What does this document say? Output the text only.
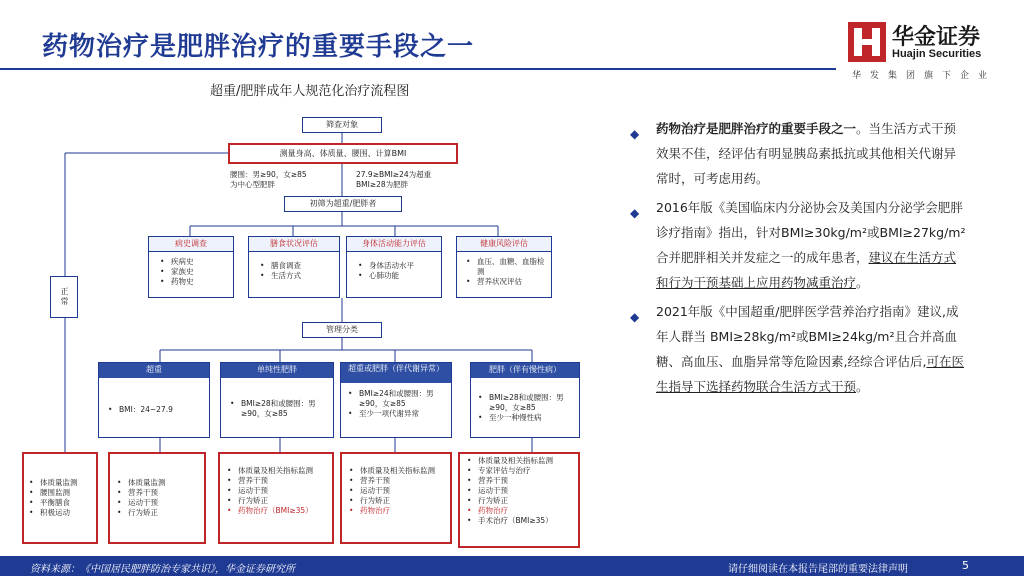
药物治疗是肥胖治疗的重要手段之一	华金证券
Huajin Securities
华发集团旗下企业
超重/肥胖成年人规范化治疗流程图
筛查对象
测量身高、体质量、腰围、计算BMI
腰围：男≥90，女≥85
为中心型肥胖
27.9≥BMI≥24为超重
BMI≥28为肥胖
初筛为超重/肥胖者
正常
病史调查
• 疾病史
• 家族史
• 药物史
膳食状况评估
• 膳食调查
• 生活方式
身体活动能力评估
• 身体活动水平
• 心肺功能
健康风险评估
• 血压、血糖、血脂检测
• 营养状况评估
管理分类
超重
• BMI：24~27.9
单纯性肥胖
• BMI≥28和或腰围：男≥90，女≥85
超重或肥胖（伴代谢异常）
• BMI≥24和或腰围：男≥90，女≥85
• 至少一项代谢异常
肥胖（伴有慢性病）
• BMI≥28和或腰围：男≥90，女≥85
• 至少一种慢性病
• 体质量监测
• 腰围监测
• 平衡膳食
• 积极运动
• 体质量监测
• 营养干预
• 运动干预
• 行为矫正
• 体质量及相关指标监测
• 营养干预
• 运动干预
• 行为矫正
• 药物治疗（BMI≥35）
• 体质量及相关指标监测
• 营养干预
• 运动干预
• 行为矫正
• 药物治疗
• 体质量及相关指标监测
• 专家评估与治疗
• 营养干预
• 运动干预
• 行为矫正
• 药物治疗
• 手术治疗（BMI≥35）
◆ 药物治疗是肥胖治疗的重要手段之一。当生活方式干预效果不佳，经评估有明显胰岛素抵抗或其他相关代谢异常时，可考虑用药。
◆ 2016年版《美国临床内分泌协会及美国内分泌学会肥胖诊疗指南》指出，针对BMI≥30kg/m²或BMI≥27kg/m²合并肥胖相关并发症之一的成年患者，建议在生活方式和行为干预基础上应用药物减重治疗。
◆ 2021年版《中国超重/肥胖医学营养治疗指南》建议,成年人群当 BMI≥28kg/m²或BMI≥24kg/m²且合并高血糖、高血压、血脂异常等危险因素,经综合评估后,可在医生指导下选择药物联合生活方式干预。
资料来源：《中国居民肥胖防治专家共识》，华金证券研究所	请仔细阅读在本报告尾部的重要法律声明	5
